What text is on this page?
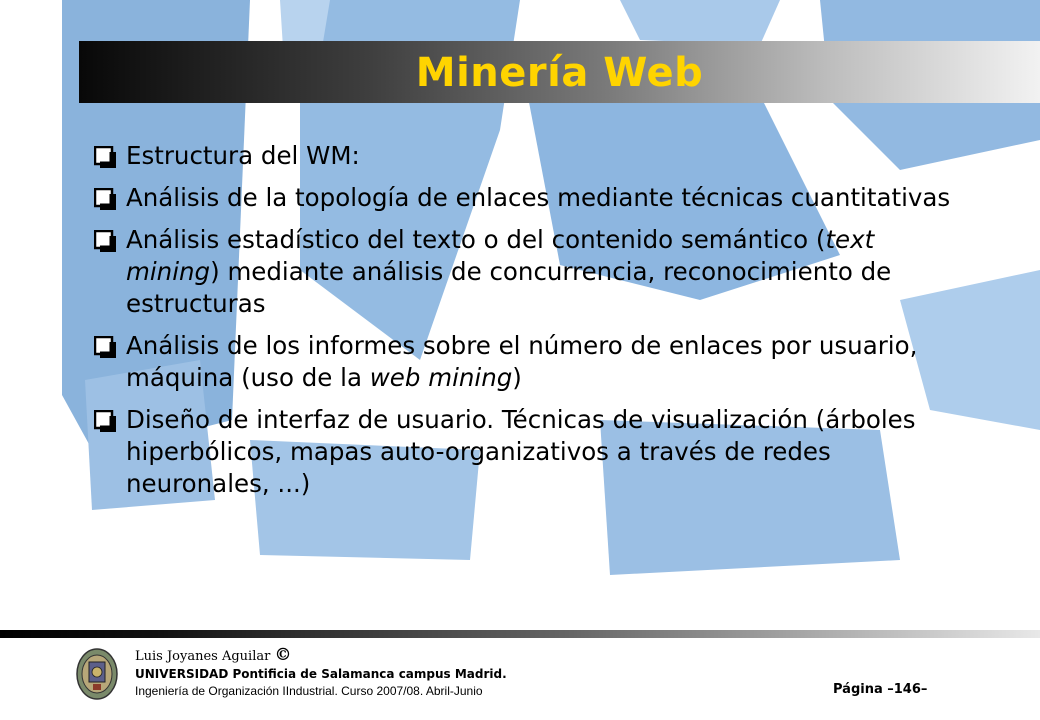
Minería Web
Estructura del WM:
Análisis de la topología de enlaces mediante técnicas cuantitativas
Análisis estadístico del texto o del contenido semántico (text mining) mediante análisis de concurrencia, reconocimiento de estructuras
Análisis de los informes sobre el número de enlaces por usuario, máquina (uso de la web mining)
Diseño de interfaz de usuario. Técnicas de visualización (árboles hiperbólicos, mapas auto-organizativos a través de redes neuronales, ...)
Luis Joyanes Aguilar ©
UNIVERSIDAD Pontificia de Salamanca campus Madrid.
Ingeniería de Organización IIndustrial. Curso 2007/08. Abril-Junio	Página –146–
